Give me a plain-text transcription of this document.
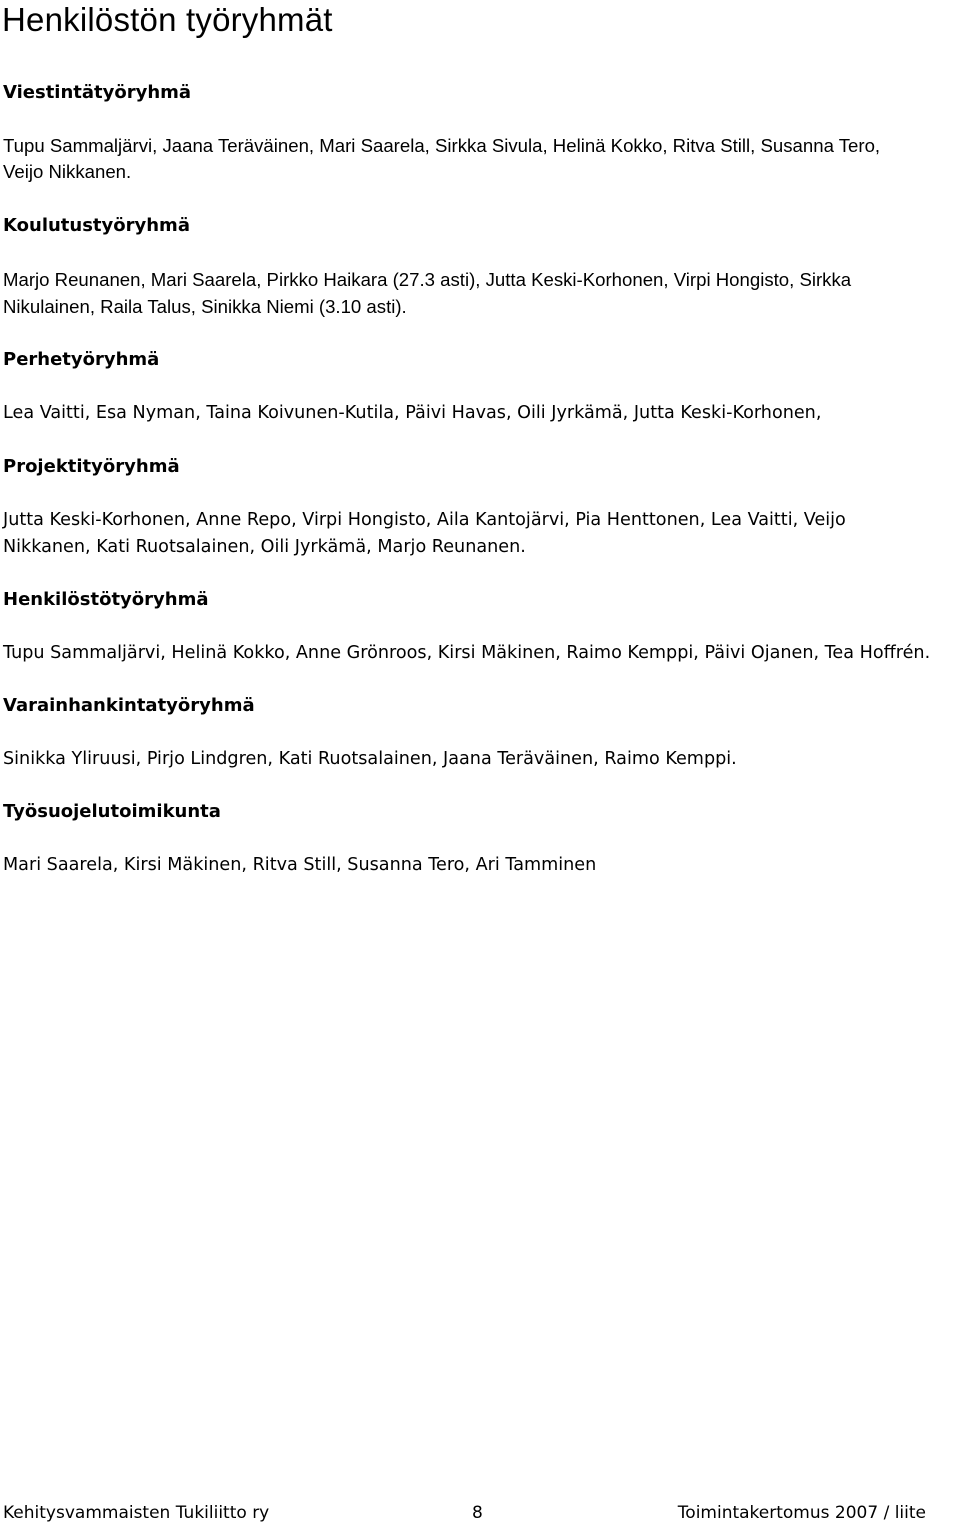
Henkilöstön työryhmät
Viestintätyöryhmä

Tupu Sammaljärvi, Jaana Teräväinen, Mari Saarela, Sirkka Sivula, Helinä Kokko, Ritva Still, Susanna Tero,

Veijo Nikkanen.

Koulutustyöryhmä

Marjo Reunanen, Mari Saarela, Pirkko Haikara (27.3 asti), Jutta Keski-Korhonen, Virpi Hongisto, Sirkka

Nikulainen, Raila Talus, Sinikka Niemi (3.10 asti).

Perhetyöryhmä

Lea Vaitti, Esa Nyman, Taina Koivunen-Kutila, Päivi Havas, Oili Jyrkämä, Jutta Keski-Korhonen,

Projektityöryhmä

Jutta Keski-Korhonen, Anne Repo, Virpi Hongisto, Aila Kantojärvi, Pia Henttonen, Lea Vaitti, Veijo

Nikkanen, Kati Ruotsalainen, Oili Jyrkämä, Marjo Reunanen.

Henkilöstötyöryhmä

Tupu Sammaljärvi, Helinä Kokko, Anne Grönroos, Kirsi Mäkinen, Raimo Kemppi, Päivi Ojanen, Tea Hoffrén.

Varainhankintatyöryhmä

Sinikka Yliruusi, Pirjo Lindgren, Kati Ruotsalainen, Jaana Teräväinen, Raimo Kemppi.

Työsuojelutoimikunta

Mari Saarela, Kirsi Mäkinen, Ritva Still, Susanna Tero, Ari Tamminen

Kehitysvammaisten Tukiliitto ry	8	Toimintakertomus 2007 / liite
